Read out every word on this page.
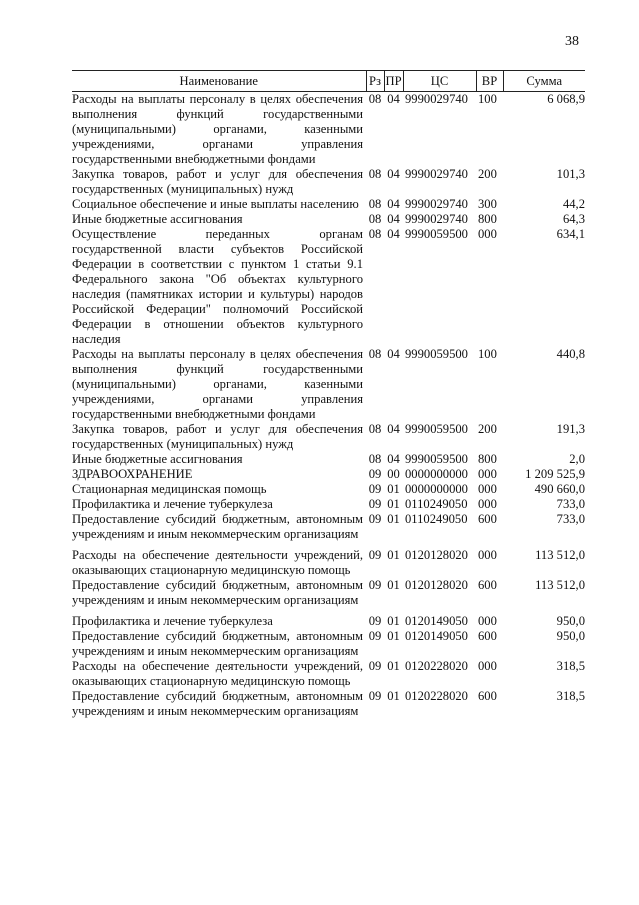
38
Наименование	Рз	ПР	ЦС	ВР	Сумма
Расходы на выплаты персоналу в целях обеспечения выполнения функций государственными (муниципальными) органами, казенными учреждениями, органами управления государственными внебюджетными фондами	08	04	9990029740	100	6 068,9
Закупка товаров, работ и услуг для обеспечения государственных (муниципальных) нужд	08	04	9990029740	200	101,3
Социальное обеспечение и иные выплаты населению	08	04	9990029740	300	44,2
Иные бюджетные ассигнования	08	04	9990029740	800	64,3
Осуществление переданных органам государственной власти субъектов Российской Федерации в соответствии с пунктом 1 статьи 9.1 Федерального закона "Об объектах культурного наследия (памятниках истории и культуры) народов Российской Федерации" полномочий Российской Федерации в отношении объектов культурного наследия	08	04	9990059500	000	634,1
Расходы на выплаты персоналу в целях обеспечения выполнения функций государственными (муниципальными) органами, казенными учреждениями, органами управления государственными внебюджетными фондами	08	04	9990059500	100	440,8
Закупка товаров, работ и услуг для обеспечения государственных (муниципальных) нужд	08	04	9990059500	200	191,3
Иные бюджетные ассигнования	08	04	9990059500	800	2,0
ЗДРАВООХРАНЕНИЕ	09	00	0000000000	000	1 209 525,9
Стационарная медицинская помощь	09	01	0000000000	000	490 660,0
Профилактика и лечение туберкулеза	09	01	0110249050	000	733,0
Предоставление субсидий бюджетным, автономным учреждениям и иным некоммерческим организациям	09	01	0110249050	600	733,0
Расходы на обеспечение деятельности учреждений, оказывающих стационарную медицинскую помощь	09	01	0120128020	000	113 512,0
Предоставление субсидий бюджетным, автономным учреждениям и иным некоммерческим организациям	09	01	0120128020	600	113 512,0
Профилактика и лечение туберкулеза	09	01	0120149050	000	950,0
Предоставление субсидий бюджетным, автономным учреждениям и иным некоммерческим организациям	09	01	0120149050	600	950,0
Расходы на обеспечение деятельности учреждений, оказывающих стационарную медицинскую помощь	09	01	0120228020	000	318,5
Предоставление субсидий бюджетным, автономным учреждениям и иным некоммерческим организациям	09	01	0120228020	600	318,5
